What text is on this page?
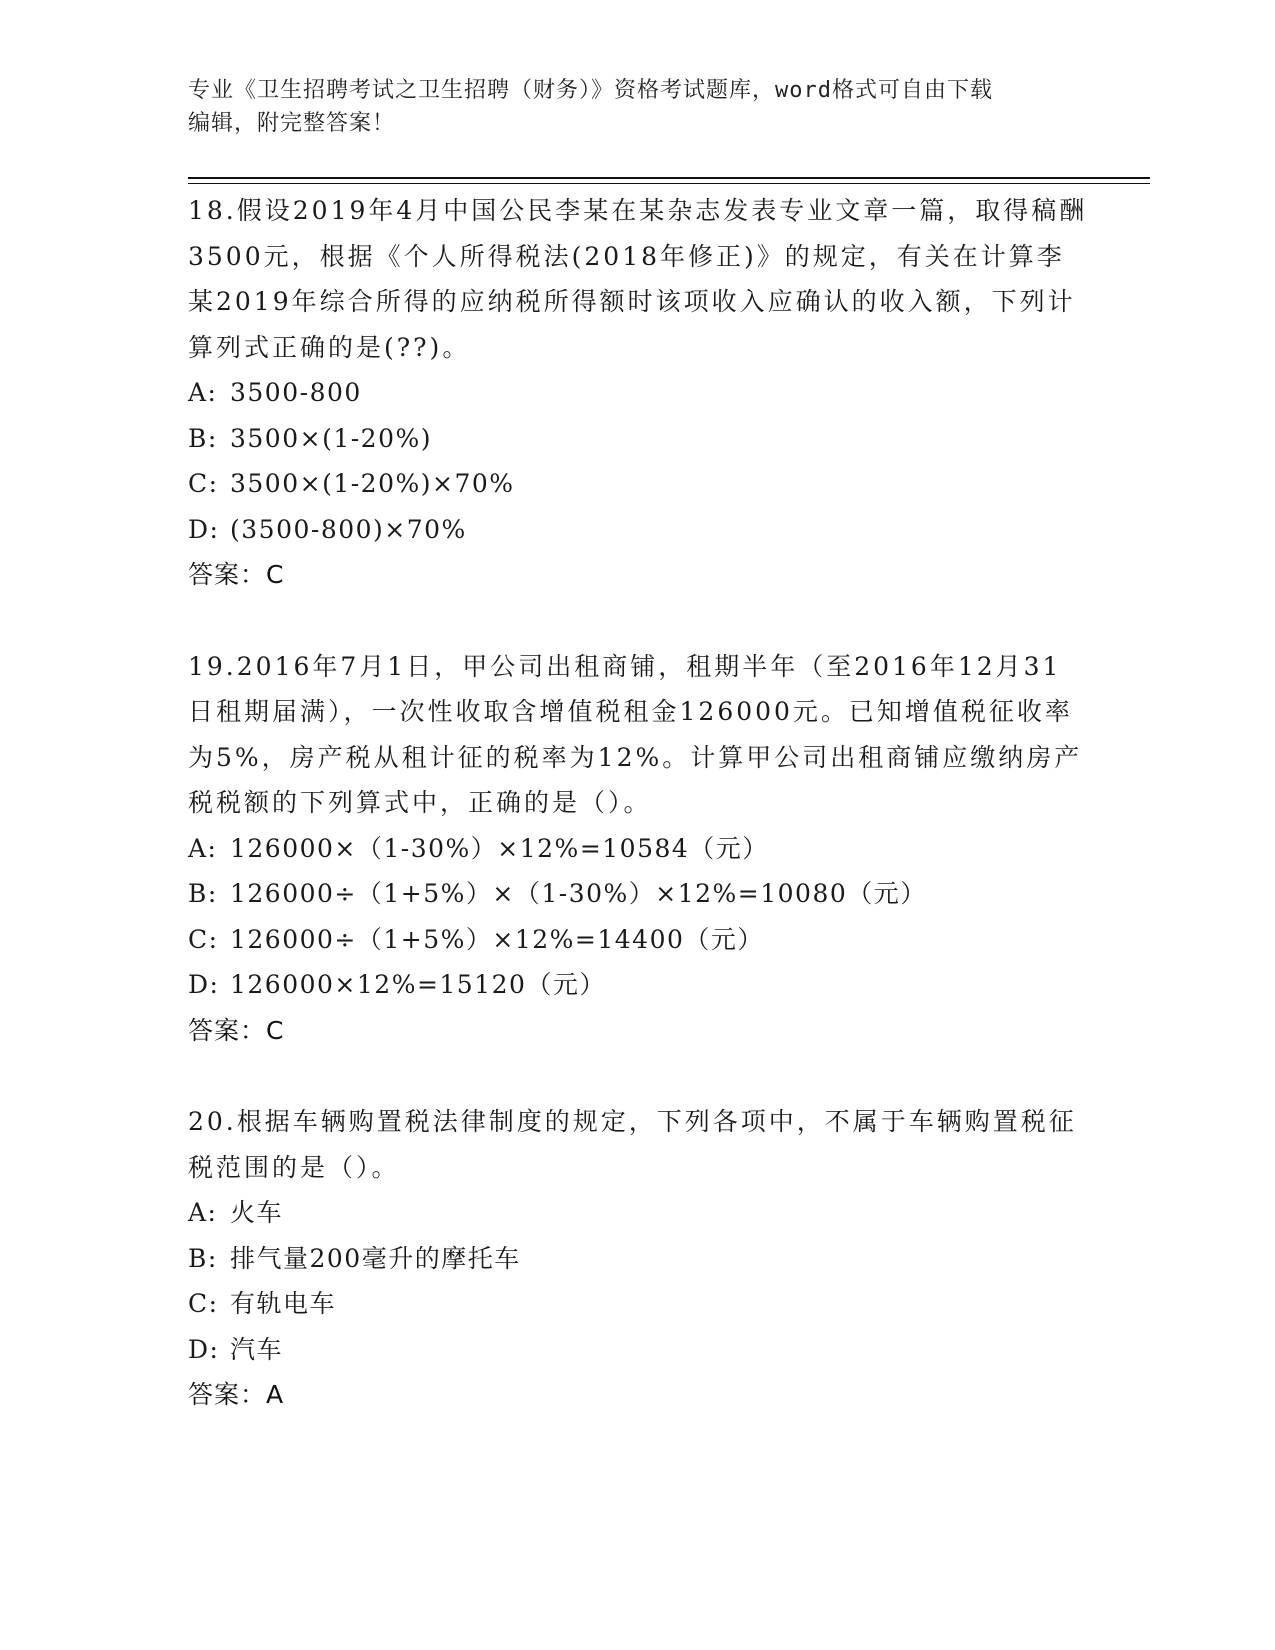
专业《卫生招聘考试之卫生招聘（财务）》资格考试题库，word格式可自由下载
编辑，附完整答案！

18.假设2019年4月中国公民李某在某杂志发表专业文章一篇，取得稿酬3500元，根据《个人所得税法(2018年修正)》的规定，有关在计算李某2019年综合所得的应纳税所得额时该项收入应确认的收入额，下列计算列式正确的是(??)。

A: 3500-800

B: 3500×(1-20%)

C: 3500×(1-20%)×70%

D: (3500-800)×70%

答案：C

19.2016年7月1日，甲公司出租商铺，租期半年（至2016年12月31日租期届满），一次性收取含增值税租金126000元。已知增值税征收率为5%，房产税从租计征的税率为12%。计算甲公司出租商铺应缴纳房产税税额的下列算式中，正确的是（）。

A: 126000×（1-30%）×12%=10584（元）

B: 126000÷（1+5%）×（1-30%）×12%=10080（元）

C: 126000÷（1+5%）×12%=14400（元）

D: 126000×12%=15120（元）

答案：C

20.根据车辆购置税法律制度的规定，下列各项中，不属于车辆购置税征税范围的是（）。

A: 火车

B: 排气量200毫升的摩托车

C: 有轨电车

D: 汽车

答案：A
